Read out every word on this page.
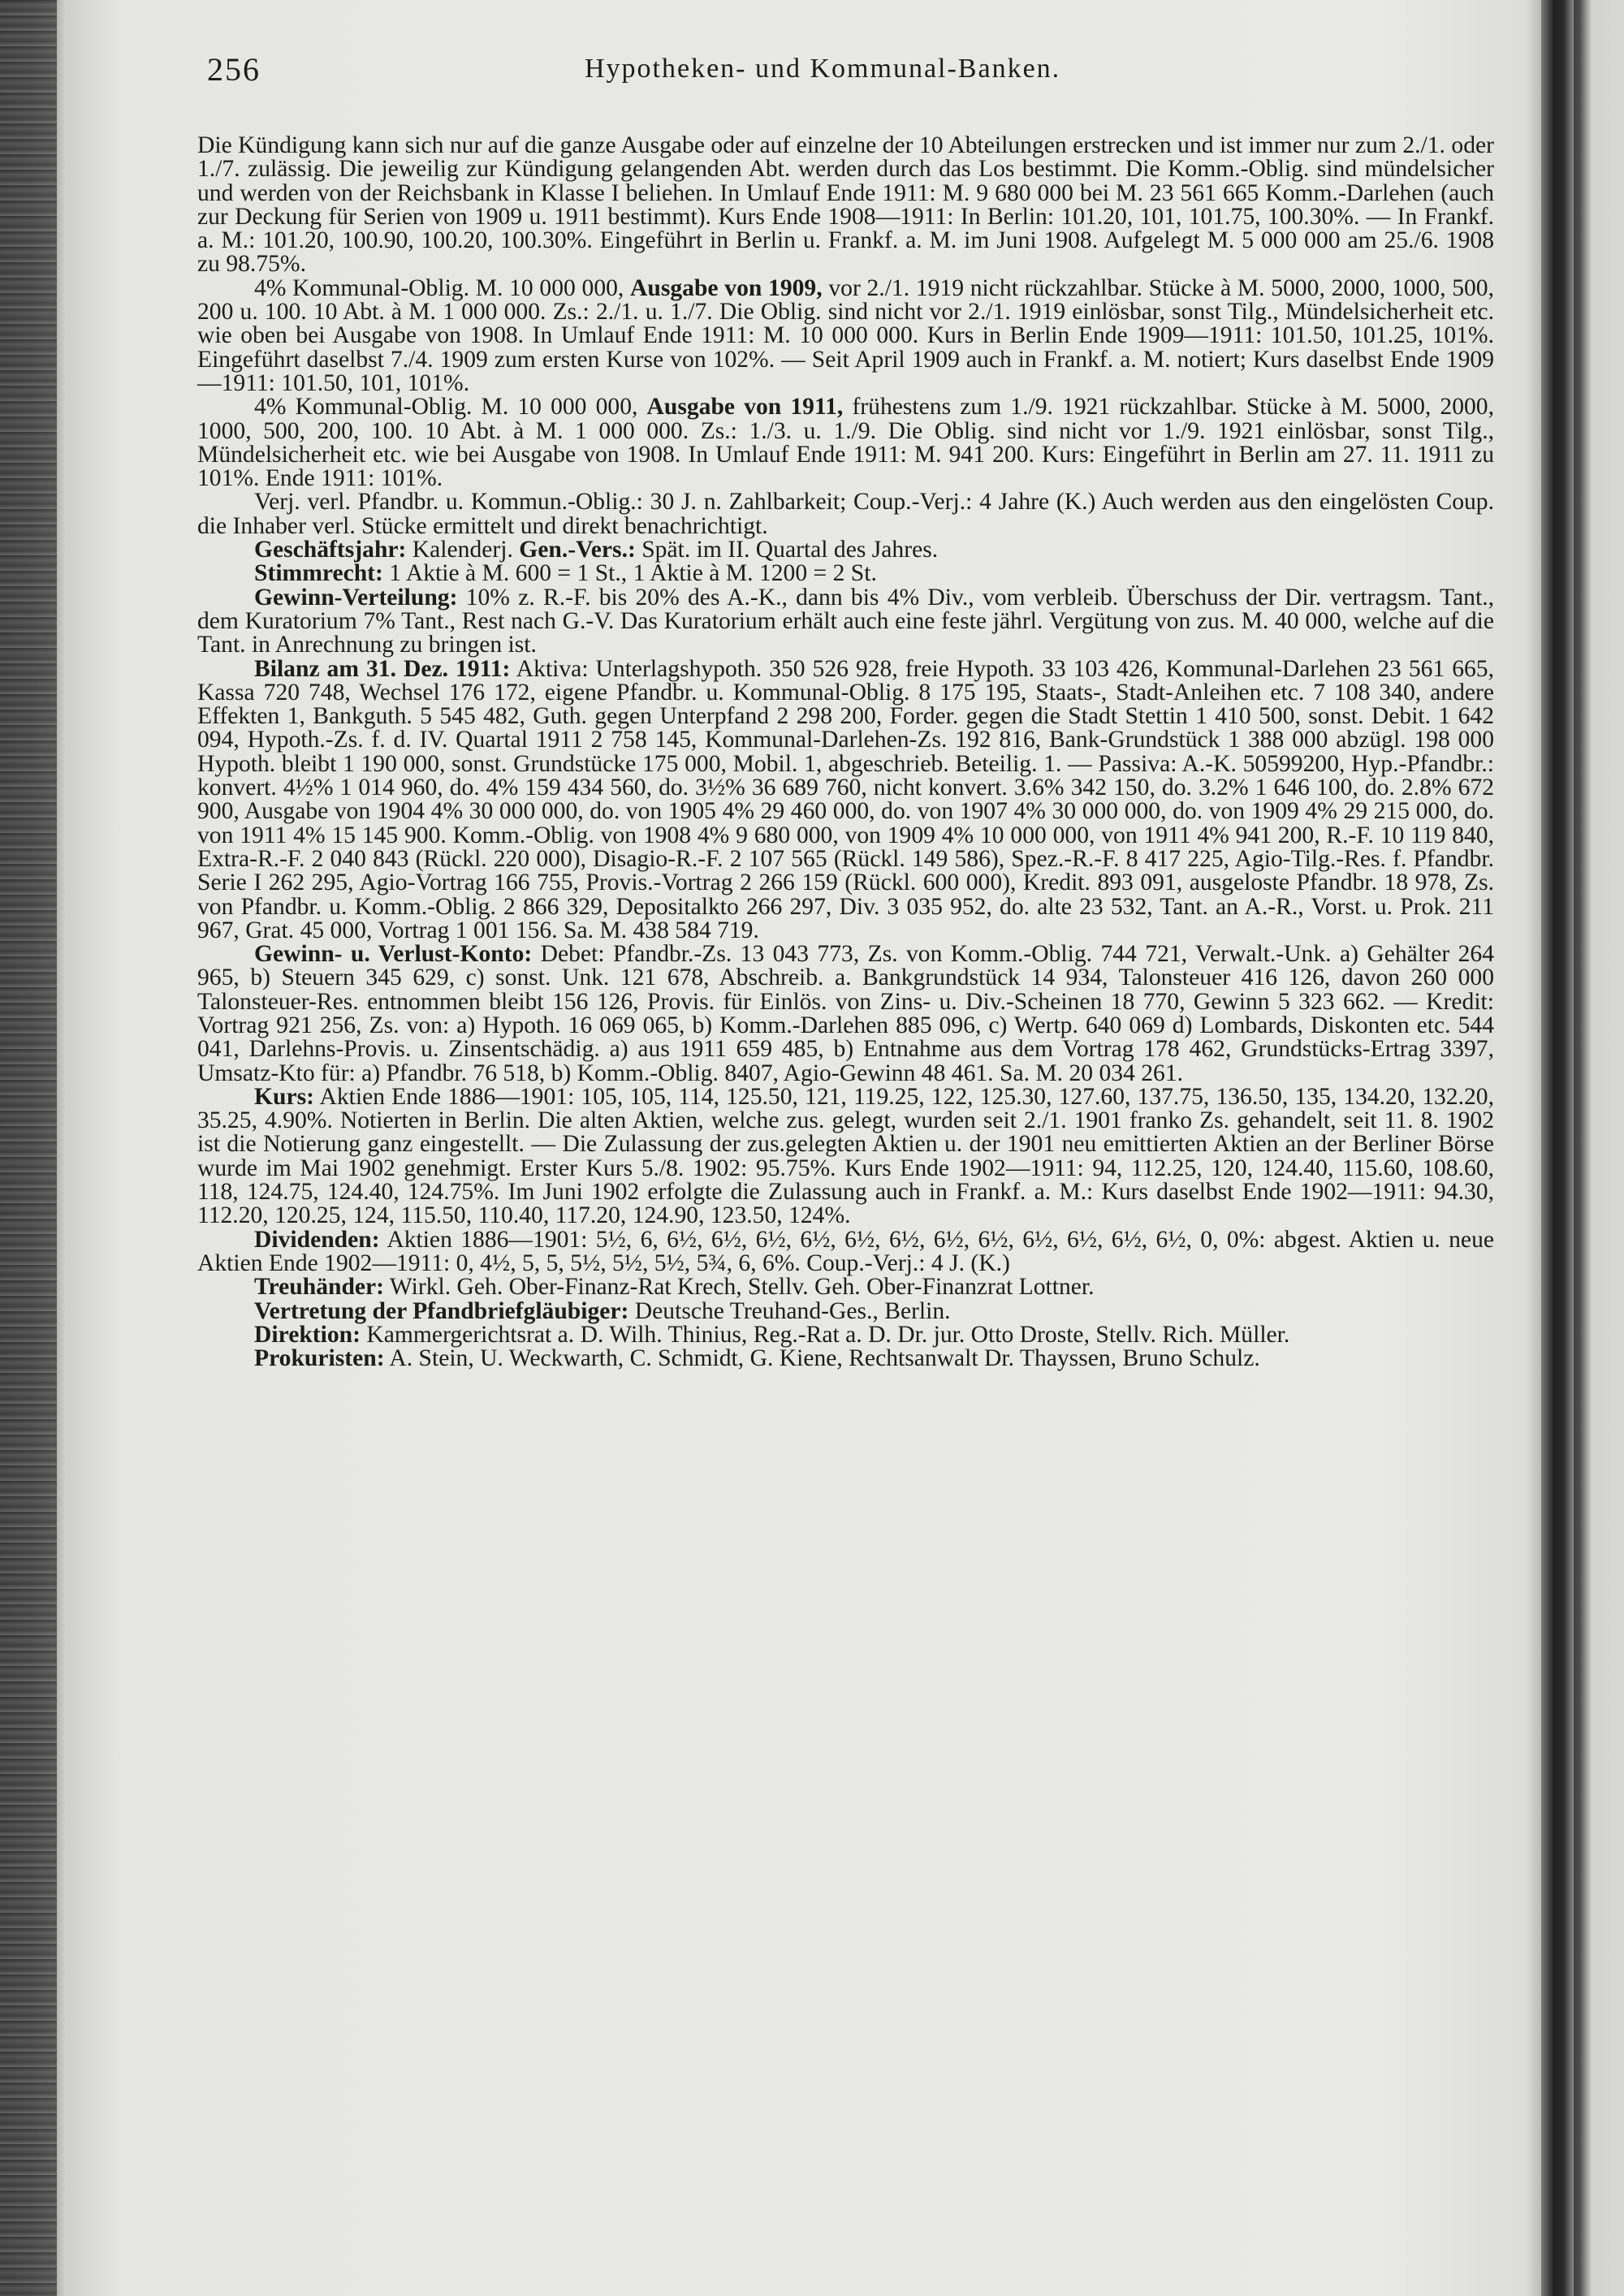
256	Hypotheken- und Kommunal-Banken.

Die Kündigung kann sich nur auf die ganze Ausgabe oder auf einzelne der 10 Abteilungen erstrecken und ist immer nur zum 2./1. oder 1./7. zulässig. Die jeweilig zur Kündigung gelangenden Abt. werden durch das Los bestimmt. Die Komm.-Oblig. sind mündelsicher und werden von der Reichsbank in Klasse I beliehen. In Umlauf Ende 1911: M. 9 680 000 bei M. 23 561 665 Komm.-Darlehen (auch zur Deckung für Serien von 1909 u. 1911 bestimmt). Kurs Ende 1908—1911: In Berlin: 101.20, 101, 101.75, 100.30%. — In Frankf. a. M.: 101.20, 100.90, 100.20, 100.30%. Eingeführt in Berlin u. Frankf. a. M. im Juni 1908. Aufgelegt M. 5 000 000 am 25./6. 1908 zu 98.75%.

4% Kommunal-Oblig. M. 10 000 000, Ausgabe von 1909, vor 2./1. 1919 nicht rückzahlbar. Stücke à M. 5000, 2000, 1000, 500, 200 u. 100. 10 Abt. à M. 1 000 000. Zs.: 2./1. u. 1./7. Die Oblig. sind nicht vor 2./1. 1919 einlösbar, sonst Tilg., Mündelsicherheit etc. wie oben bei Ausgabe von 1908. In Umlauf Ende 1911: M. 10 000 000. Kurs in Berlin Ende 1909—1911: 101.50, 101.25, 101%. Eingeführt daselbst 7./4. 1909 zum ersten Kurse von 102%. — Seit April 1909 auch in Frankf. a. M. notiert; Kurs daselbst Ende 1909—1911: 101.50, 101, 101%.

4% Kommunal-Oblig. M. 10 000 000, Ausgabe von 1911, frühestens zum 1./9. 1921 rückzahlbar. Stücke à M. 5000, 2000, 1000, 500, 200, 100. 10 Abt. à M. 1 000 000. Zs.: 1./3. u. 1./9. Die Oblig. sind nicht vor 1./9. 1921 einlösbar, sonst Tilg., Mündelsicherheit etc. wie bei Ausgabe von 1908. In Umlauf Ende 1911: M. 941 200. Kurs: Eingeführt in Berlin am 27. 11. 1911 zu 101%. Ende 1911: 101%.

Verj. verl. Pfandbr. u. Kommun.-Oblig.: 30 J. n. Zahlbarkeit; Coup.-Verj.: 4 Jahre (K.) Auch werden aus den eingelösten Coup. die Inhaber verl. Stücke ermittelt und direkt benachrichtigt.

Geschäftsjahr: Kalenderj. Gen.-Vers.: Spät. im II. Quartal des Jahres.

Stimmrecht: 1 Aktie à M. 600 = 1 St., 1 Aktie à M. 1200 = 2 St.

Gewinn-Verteilung: 10% z. R.-F. bis 20% des A.-K., dann bis 4% Div., vom verbleib. Überschuss der Dir. vertragsm. Tant., dem Kuratorium 7% Tant., Rest nach G.-V. Das Kuratorium erhält auch eine feste jährl. Vergütung von zus. M. 40 000, welche auf die Tant. in Anrechnung zu bringen ist.

Bilanz am 31. Dez. 1911: Aktiva: Unterlagshypoth. 350 526 928, freie Hypoth. 33 103 426, Kommunal-Darlehen 23 561 665, Kassa 720 748, Wechsel 176 172, eigene Pfandbr. u. Kommunal-Oblig. 8 175 195, Staats-, Stadt-Anleihen etc. 7 108 340, andere Effekten 1, Bankguth. 5 545 482, Guth. gegen Unterpfand 2 298 200, Forder. gegen die Stadt Stettin 1 410 500, sonst. Debit. 1 642 094, Hypoth.-Zs. f. d. IV. Quartal 1911 2 758 145, Kommunal-Darlehen-Zs. 192 816, Bank-Grundstück 1 388 000 abzügl. 198 000 Hypoth. bleibt 1 190 000, sonst. Grundstücke 175 000, Mobil. 1, abgeschrieb. Beteilig. 1. — Passiva: A.-K. 50599200, Hyp.-Pfandbr.: konvert. 4½% 1 014 960, do. 4% 159 434 560, do. 3½% 36 689 760, nicht konvert. 3.6% 342 150, do. 3.2% 1 646 100, do. 2.8% 672 900, Ausgabe von 1904 4% 30 000 000, do. von 1905 4% 29 460 000, do. von 1907 4% 30 000 000, do. von 1909 4% 29 215 000, do. von 1911 4% 15 145 900. Komm.-Oblig. von 1908 4% 9 680 000, von 1909 4% 10 000 000, von 1911 4% 941 200, R.-F. 10 119 840, Extra-R.-F. 2 040 843 (Rückl. 220 000), Disagio-R.-F. 2 107 565 (Rückl. 149 586), Spez.-R.-F. 8 417 225, Agio-Tilg.-Res. f. Pfandbr. Serie I 262 295, Agio-Vortrag 166 755, Provis.-Vortrag 2 266 159 (Rückl. 600 000), Kredit. 893 091, ausgeloste Pfandbr. 18 978, Zs. von Pfandbr. u. Komm.-Oblig. 2 866 329, Depositalkto 266 297, Div. 3 035 952, do. alte 23 532, Tant. an A.-R., Vorst. u. Prok. 211 967, Grat. 45 000, Vortrag 1 001 156. Sa. M. 438 584 719.

Gewinn- u. Verlust-Konto: Debet: Pfandbr.-Zs. 13 043 773, Zs. von Komm.-Oblig. 744 721, Verwalt.-Unk. a) Gehälter 264 965, b) Steuern 345 629, c) sonst. Unk. 121 678, Abschreib. a. Bankgrundstück 14 934, Talonsteuer 416 126, davon 260 000 Talonsteuer-Res. entnommen bleibt 156 126, Provis. für Einlös. von Zins- u. Div.-Scheinen 18 770, Gewinn 5 323 662. — Kredit: Vortrag 921 256, Zs. von: a) Hypoth. 16 069 065, b) Komm.-Darlehen 885 096, c) Wertp. 640 069 d) Lombards, Diskonten etc. 544 041, Darlehns-Provis. u. Zinsentschädig. a) aus 1911 659 485, b) Entnahme aus dem Vortrag 178 462, Grundstücks-Ertrag 3397, Umsatz-Kto für: a) Pfandbr. 76 518, b) Komm.-Oblig. 8407, Agio-Gewinn 48 461. Sa. M. 20 034 261.

Kurs: Aktien Ende 1886—1901: 105, 105, 114, 125.50, 121, 119.25, 122, 125.30, 127.60, 137.75, 136.50, 135, 134.20, 132.20, 35.25, 4.90%. Notierten in Berlin. Die alten Aktien, welche zus. gelegt, wurden seit 2./1. 1901 franko Zs. gehandelt, seit 11. 8. 1902 ist die Notierung ganz eingestellt. — Die Zulassung der zus.gelegten Aktien u. der 1901 neu emittierten Aktien an der Berliner Börse wurde im Mai 1902 genehmigt. Erster Kurs 5./8. 1902: 95.75%. Kurs Ende 1902—1911: 94, 112.25, 120, 124.40, 115.60, 108.60, 118, 124.75, 124.40, 124.75%. Im Juni 1902 erfolgte die Zulassung auch in Frankf. a. M.: Kurs daselbst Ende 1902—1911: 94.30, 112.20, 120.25, 124, 115.50, 110.40, 117.20, 124.90, 123.50, 124%.

Dividenden: Aktien 1886—1901: 5½, 6, 6½, 6½, 6½, 6½, 6½, 6½, 6½, 6½, 6½, 6½, 6½, 6½, 0, 0%: abgest. Aktien u. neue Aktien Ende 1902—1911: 0, 4½, 5, 5, 5½, 5½, 5½, 5¾, 6, 6%. Coup.-Verj.: 4 J. (K.)

Treuhänder: Wirkl. Geh. Ober-Finanz-Rat Krech, Stellv. Geh. Ober-Finanzrat Lottner.

Vertretung der Pfandbriefgläubiger: Deutsche Treuhand-Ges., Berlin.

Direktion: Kammergerichtsrat a. D. Wilh. Thinius, Reg.-Rat a. D. Dr. jur. Otto Droste, Stellv. Rich. Müller.

Prokuristen: A. Stein, U. Weckwarth, C. Schmidt, G. Kiene, Rechtsanwalt Dr. Thayssen, Bruno Schulz.
